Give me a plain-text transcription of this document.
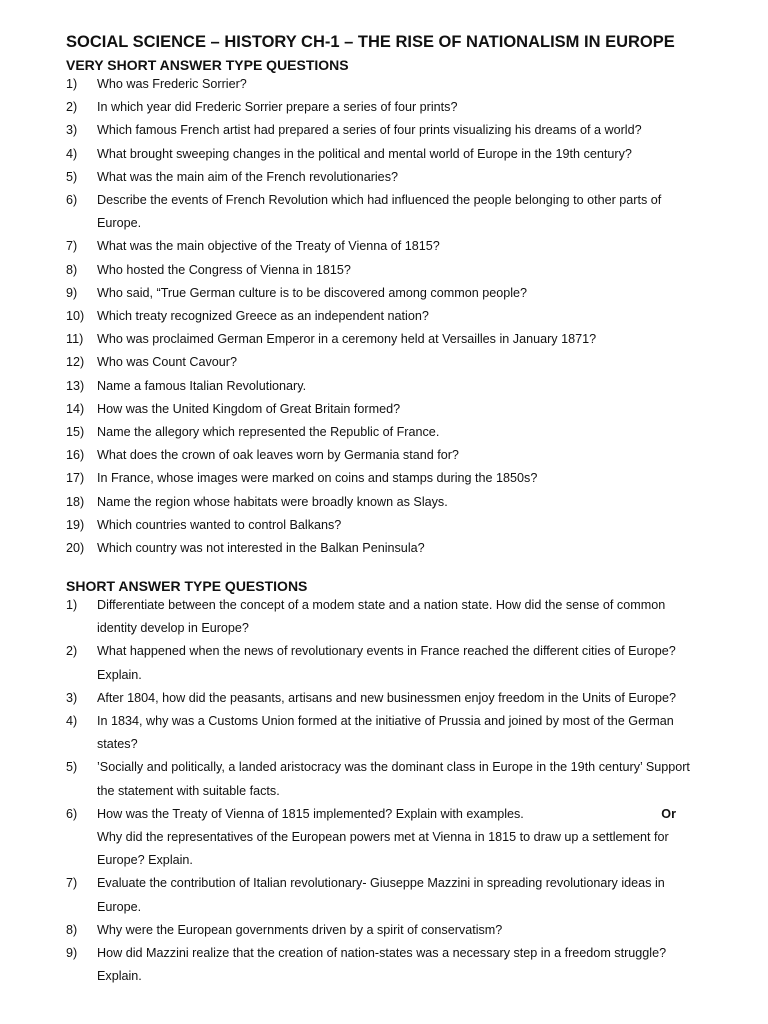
SOCIAL SCIENCE – HISTORY CH-1 – THE RISE OF NATIONALISM IN EUROPE
VERY SHORT ANSWER TYPE QUESTIONS
1)	Who was Frederic Sorrier?
2)	In which year did Frederic Sorrier prepare a series of four prints?
3)	Which famous French artist had prepared a series of four prints visualizing his dreams of a world?
4)	What brought sweeping changes in the political and mental world of Europe in the 19th century?
5)	What was the main aim of the French revolutionaries?
6)	Describe the events of French Revolution which had influenced the people belonging to other parts of Europe.
7)	What was the main objective of the Treaty of Vienna of 1815?
8)	Who hosted the Congress of Vienna in 1815?
9)	Who said, “True German culture is to be discovered among common people?
10)	Which treaty recognized Greece as an independent nation?
11)	Who was proclaimed German Emperor in a ceremony held at Versailles in January 1871?
12)	Who was Count Cavour?
13)	Name a famous Italian Revolutionary.
14)	How was the United Kingdom of Great Britain formed?
15)	Name the allegory which represented the Republic of France.
16)	What does the crown of oak leaves worn by Germania stand for?
17)	In France, whose images were marked on coins and stamps during the 1850s?
18)	Name the region whose habitats were broadly known as Slays.
19)	Which countries wanted to control Balkans?
20)	Which country was not interested in the Balkan Peninsula?
SHORT ANSWER TYPE QUESTIONS
1)	Differentiate between the concept of a modem state and a nation state. How did the sense of common identity develop in Europe?
2)	What happened when the news of revolutionary events in France reached the different cities of Europe? Explain.
3)	After 1804, how did the peasants, artisans and new businessmen enjoy freedom in the Units of Europe?
4)	In 1834, why was a Customs Union formed at the initiative of Prussia and joined by most of the German states?
5)	’Socially and politically, a landed aristocracy was the dominant class in Europe in the 19th century’ Support the statement with suitable facts.
6)	Or
How was the Treaty of Vienna of 1815 implemented? Explain with examples.
Why did the representatives of the European powers met at Vienna in 1815 to draw up a settlement for Europe? Explain.
7)	Evaluate the contribution of Italian revolutionary- Giuseppe Mazzini in spreading revolutionary ideas in Europe.
8)	Why were the European governments driven by a spirit of conservatism?
9)	How did Mazzini realize that the creation of nation-states was a necessary step in a freedom struggle? Explain.
